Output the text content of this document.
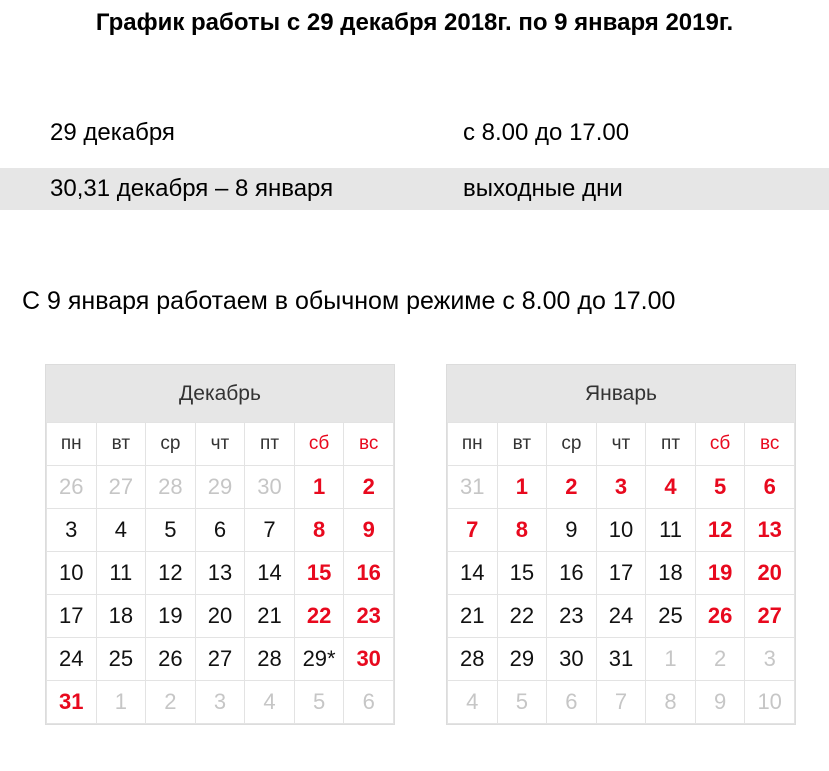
График работы с 29 декабря 2018г. по 9 января 2019г.
29 декабря	с 8.00 до 17.00
30,31 декабря – 8 января	выходные дни
С 9 января работаем в обычном режиме с 8.00 до 17.00
Декабрь
пн	вт	ср	чт	пт	сб	вс
26	27	28	29	30	1	2
3	4	5	6	7	8	9
10	11	12	13	14	15	16
17	18	19	20	21	22	23
24	25	26	27	28	29*	30
31	1	2	3	4	5	6
Январь
пн	вт	ср	чт	пт	сб	вс
31	1	2	3	4	5	6
7	8	9	10	11	12	13
14	15	16	17	18	19	20
21	22	23	24	25	26	27
28	29	30	31	1	2	3
4	5	6	7	8	9	10
